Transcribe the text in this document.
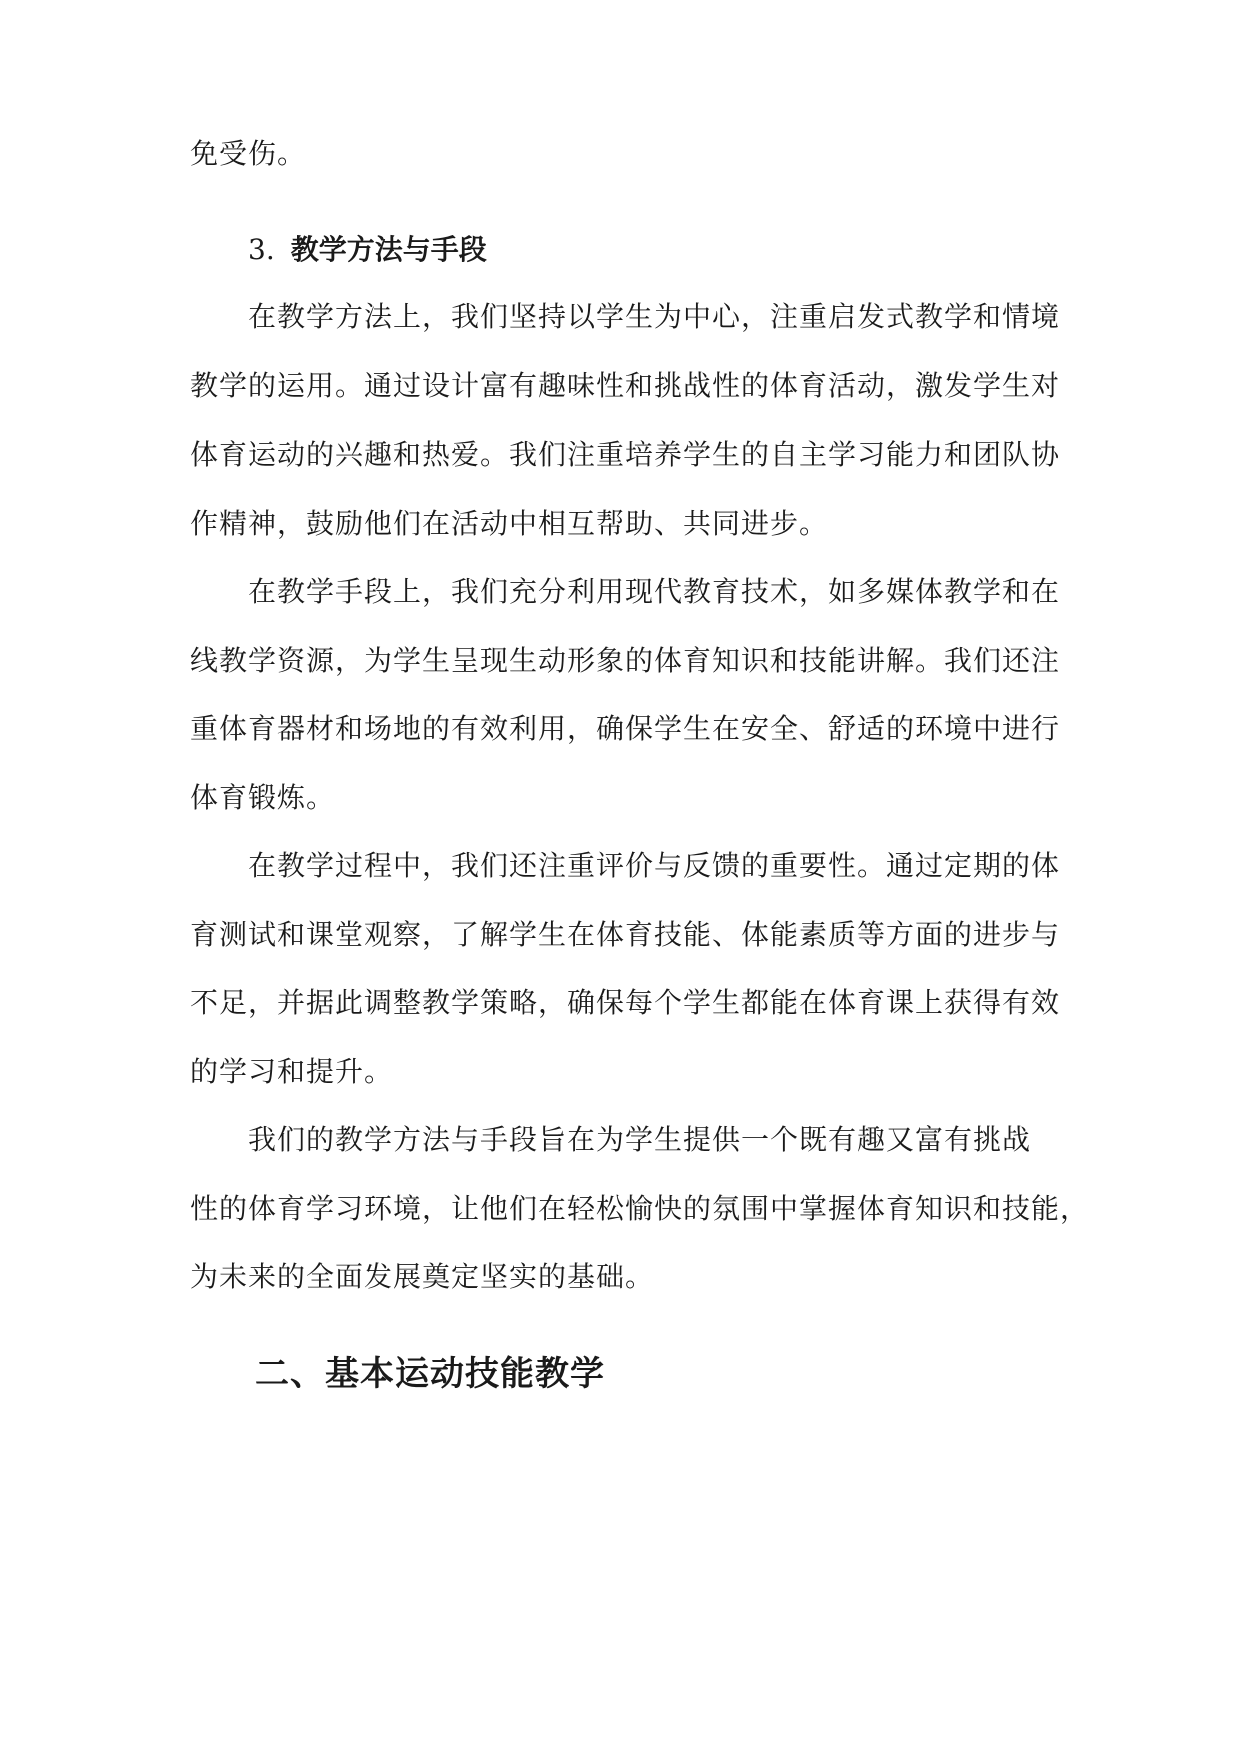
免受伤。
3. 教学方法与手段
在教学方法上，我们坚持以学生为中心，注重启发式教学和情境
教学的运用。通过设计富有趣味性和挑战性的体育活动，激发学生对
体育运动的兴趣和热爱。我们注重培养学生的自主学习能力和团队协
作精神，鼓励他们在活动中相互帮助、共同进步。
在教学手段上，我们充分利用现代教育技术，如多媒体教学和在
线教学资源，为学生呈现生动形象的体育知识和技能讲解。我们还注
重体育器材和场地的有效利用，确保学生在安全、舒适的环境中进行
体育锻炼。
在教学过程中，我们还注重评价与反馈的重要性。通过定期的体
育测试和课堂观察，了解学生在体育技能、体能素质等方面的进步与
不足，并据此调整教学策略，确保每个学生都能在体育课上获得有效
的学习和提升。
我们的教学方法与手段旨在为学生提供一个既有趣又富有挑战
性的体育学习环境，让他们在轻松愉快的氛围中掌握体育知识和技能，
为未来的全面发展奠定坚实的基础。
二、基本运动技能教学
